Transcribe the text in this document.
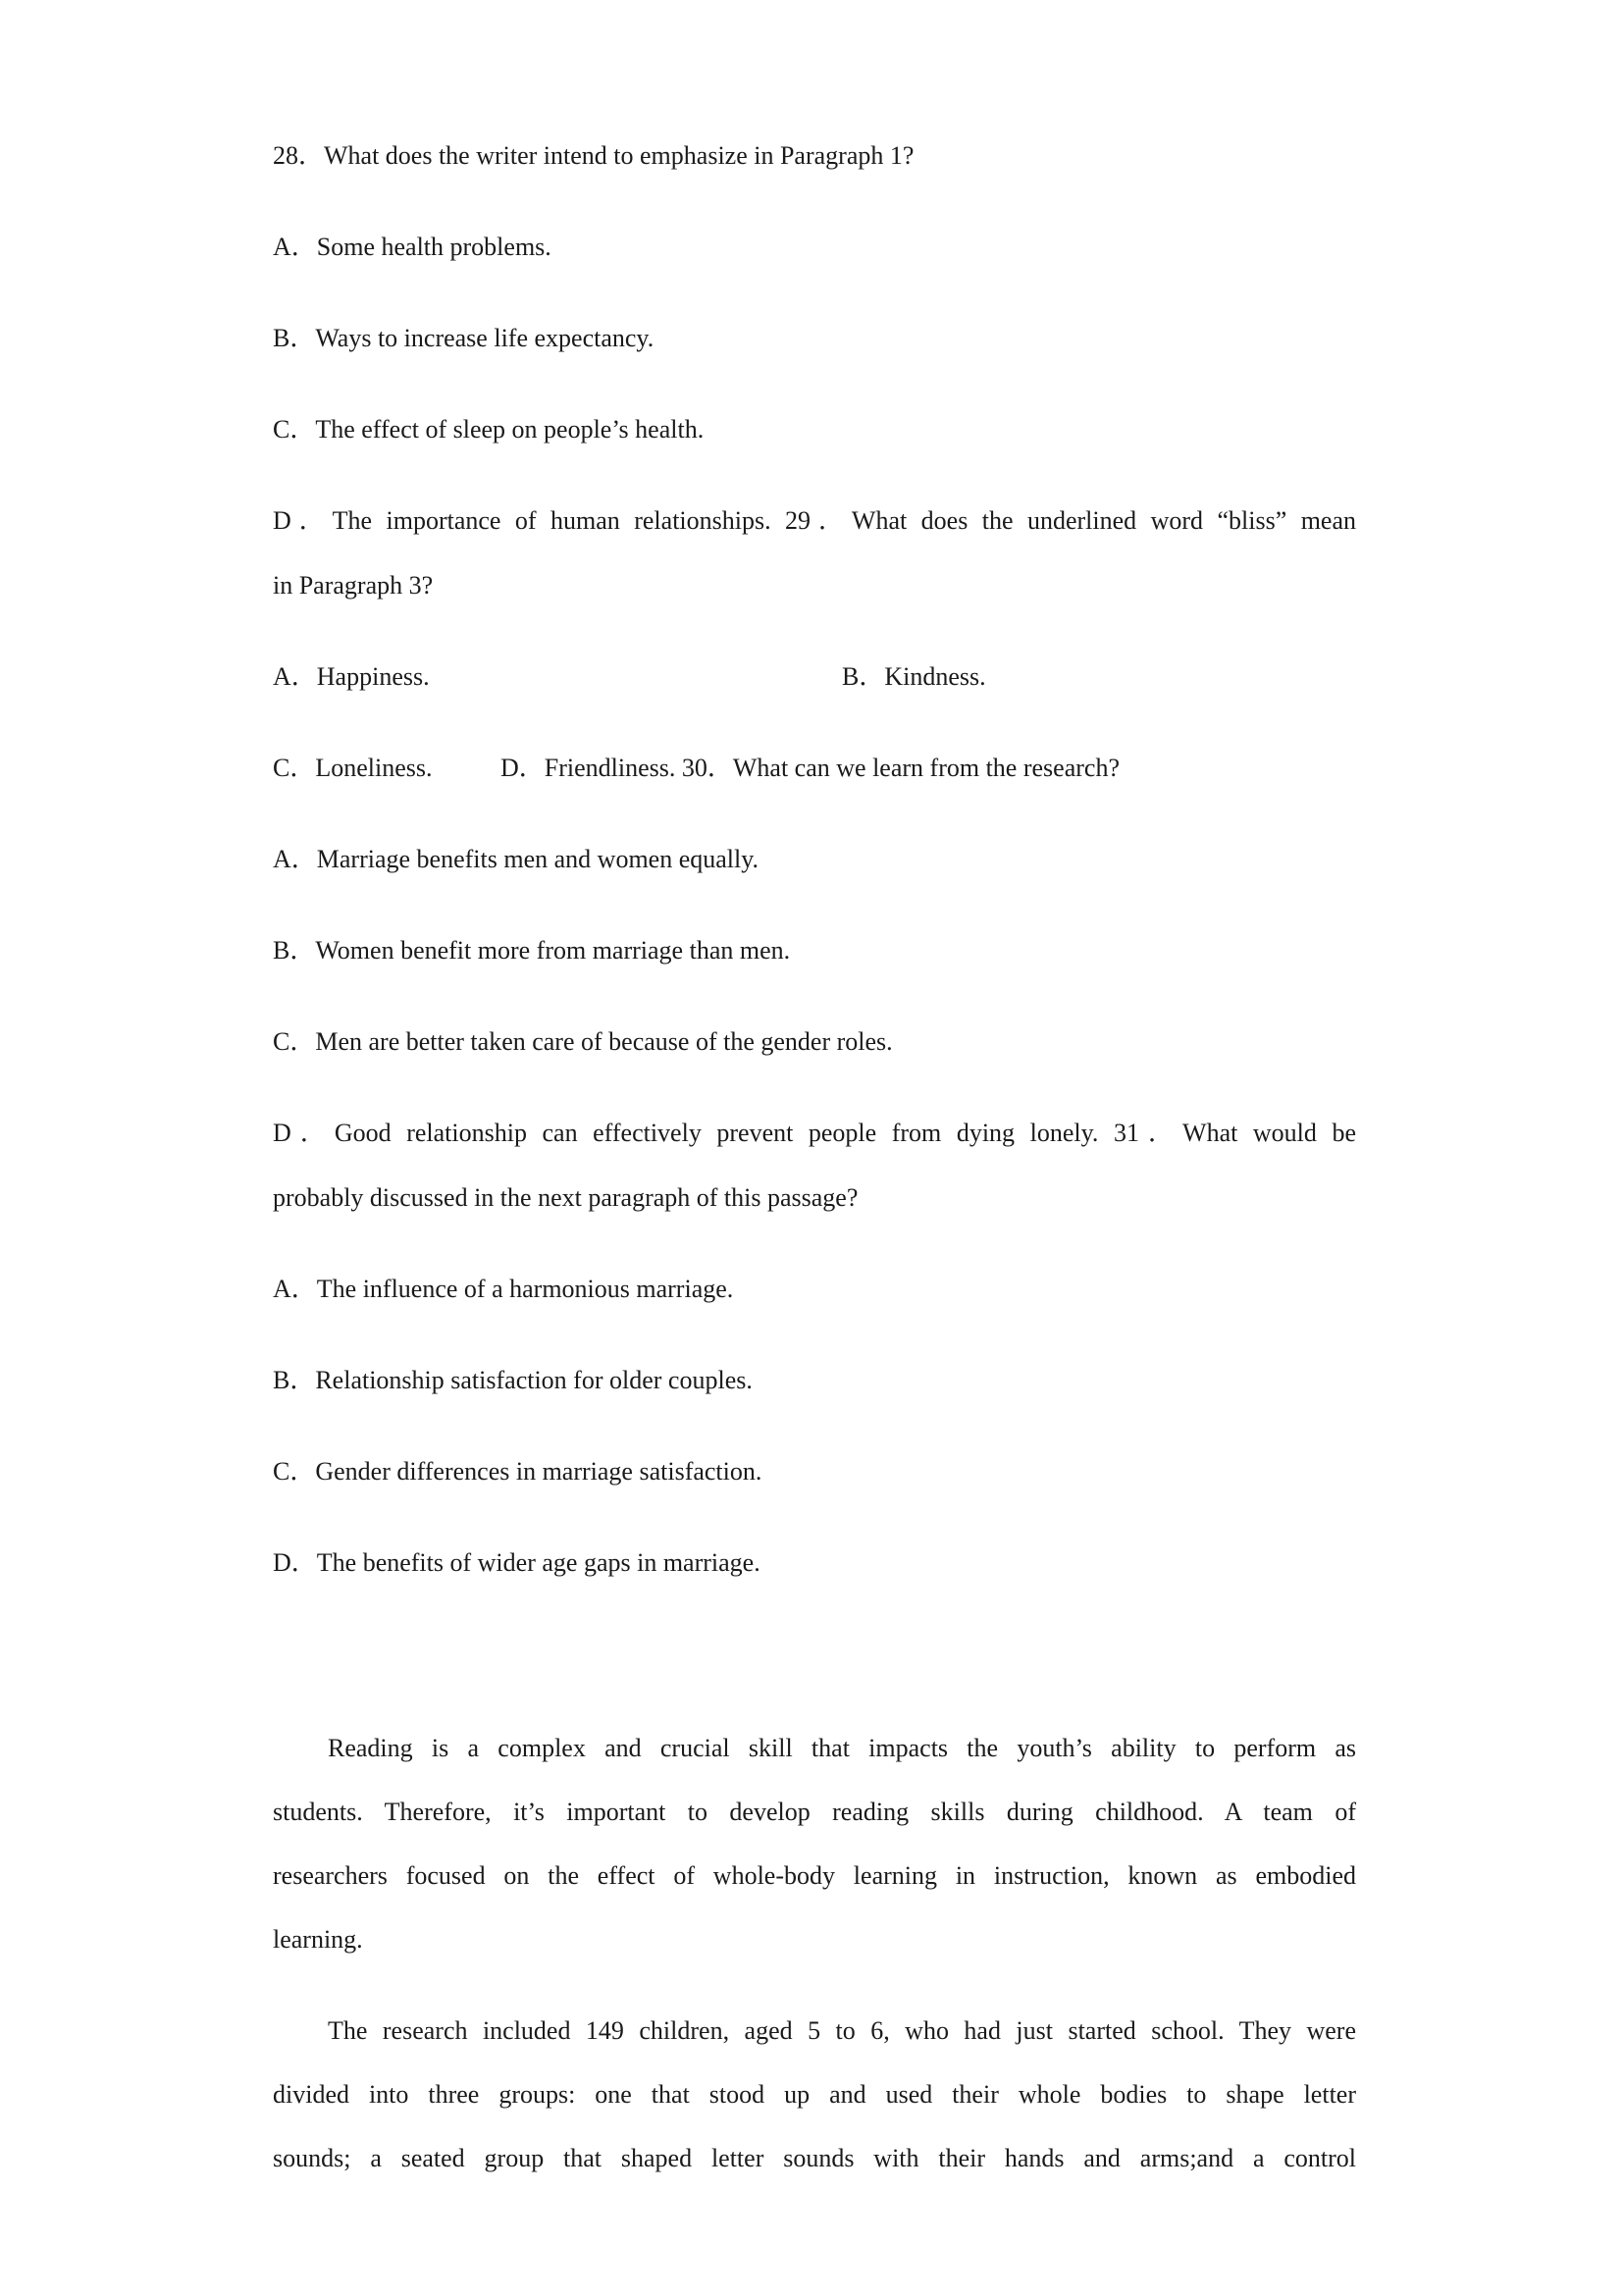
28．What does the writer intend to emphasize in Paragraph 1?
A．Some health problems.
B．Ways to increase life expectancy.
C．The effect of sleep on people’s health.
D．The importance of human relationships. 29．What does the underlined word “bliss” mean
in Paragraph 3?
A．Happiness.	B．Kindness.
C．Loneliness.	D．Friendliness. 30．What can we learn from the research?
A．Marriage benefits men and women equally.
B．Women benefit more from marriage than men.
C．Men are better taken care of because of the gender roles.
D．Good relationship can effectively prevent people from dying lonely. 31．What would be
probably discussed in the next paragraph of this passage?
A．The influence of a harmonious marriage.
B．Relationship satisfaction for older couples.
C．Gender differences in marriage satisfaction.
D．The benefits of wider age gaps in marriage.
Reading is a complex and crucial skill that impacts the youth’s ability to perform as
students. Therefore, it’s important to develop reading skills during childhood. A team of
researchers focused on the effect of whole-body learning in instruction, known as embodied
learning.
The research included 149 children, aged 5 to 6, who had just started school. They were
divided into three groups: one that stood up and used their whole bodies to shape letter
sounds; a seated group that shaped letter sounds with their hands and arms;and a control
